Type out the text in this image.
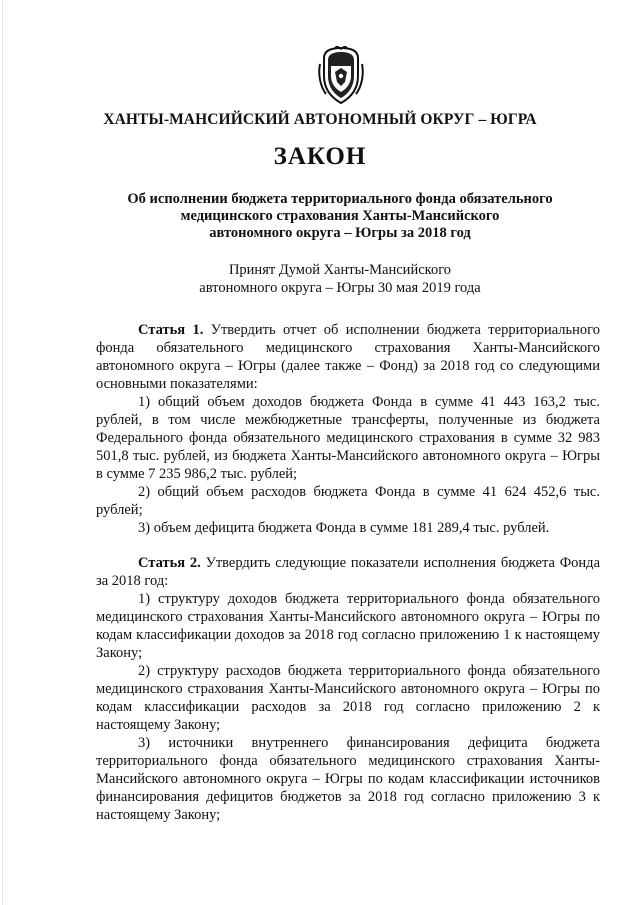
ХАНТЫ-МАНСИЙСКИЙ АВТОНОМНЫЙ ОКРУГ – ЮГРА
ЗАКОН
Об исполнении бюджета территориального фонда обязательного
медицинского страхования Ханты-Мансийского
автономного округа – Югры за 2018 год
Принят Думой Ханты-Мансийского
автономного округа – Югры 30 мая 2019 года

Статья 1. Утвердить отчет об исполнении бюджета территориального фонда обязательного медицинского страхования Ханты-Мансийского автономного округа – Югры (далее также – Фонд) за 2018 год со следующими основными показателями:

1) общий объем доходов бюджета Фонда в сумме 41 443 163,2 тыс. рублей, в том числе межбюджетные трансферты, полученные из бюджета Федерального фонда обязательного медицинского страхования в сумме 32 983 501,8 тыс. рублей, из бюджета Ханты-Мансийского автономного округа – Югры в сумме 7 235 986,2 тыс. рублей;

2) общий объем расходов бюджета Фонда в сумме 41 624 452,6 тыс. рублей;

3) объем дефицита бюджета Фонда в сумме 181 289,4 тыс. рублей.

Статья 2. Утвердить следующие показатели исполнения бюджета Фонда за 2018 год:

1) структуру доходов бюджета территориального фонда обязательного медицинского страхования Ханты-Мансийского автономного округа – Югры по кодам классификации доходов за 2018 год согласно приложению 1 к настоящему Закону;

2) структуру расходов бюджета территориального фонда обязательного медицинского страхования Ханты-Мансийского автономного округа – Югры по кодам классификации расходов за 2018 год согласно приложению 2 к настоящему Закону;

3) источники внутреннего финансирования дефицита бюджета территориального фонда обязательного медицинского страхования Ханты-Мансийского автономного округа – Югры по кодам классификации источников финансирования дефицитов бюджетов за 2018 год согласно приложению 3 к настоящему Закону;
